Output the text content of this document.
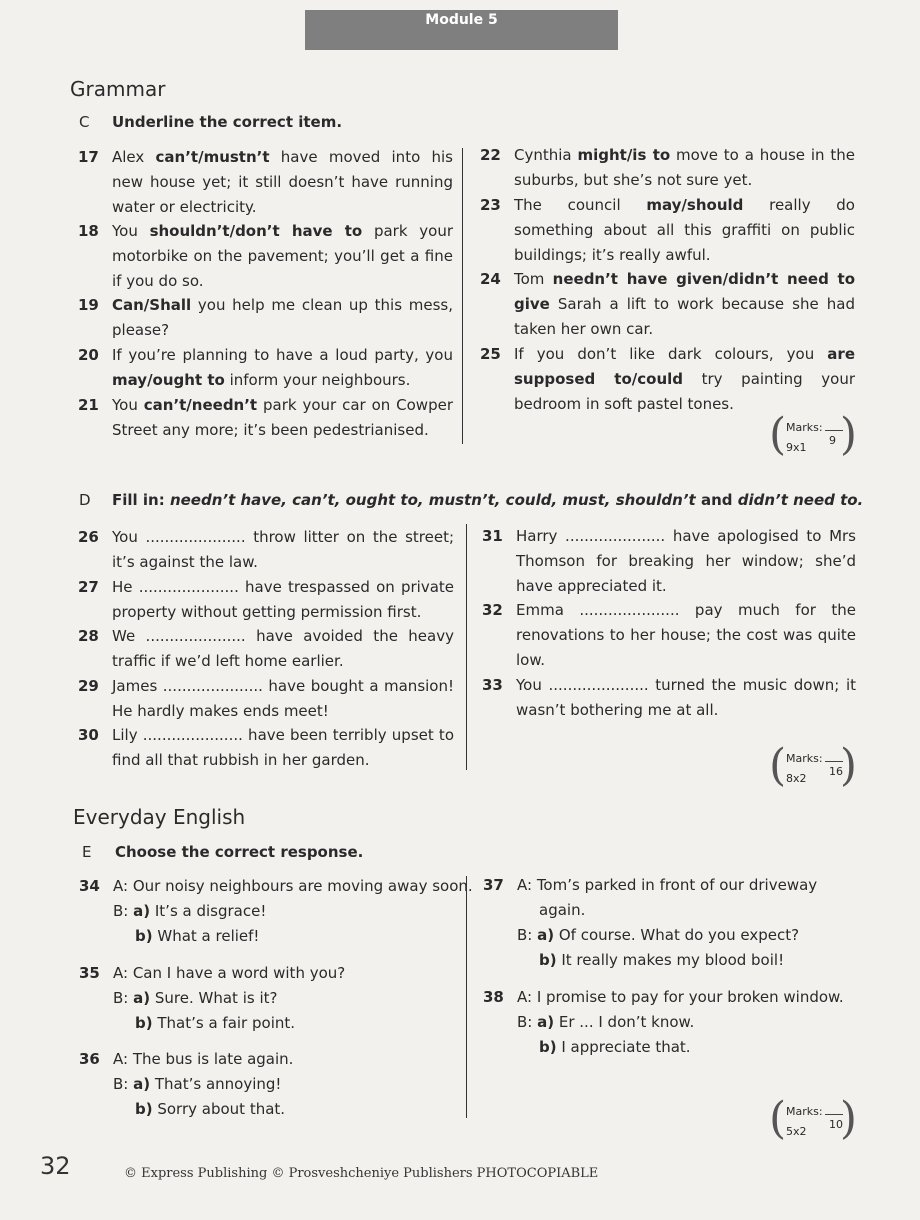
Module 5
Grammar
C Underline the correct item.
17 Alex can’t/mustn’t have moved into his new house yet; it still doesn’t have running water or electricity.
18 You shouldn’t/don’t have to park your motorbike on the pavement; you’ll get a fine if you do so.
19 Can/Shall you help me clean up this mess, please?
20 If you’re planning to have a loud party, you may/ought to inform your neighbours.
21 You can’t/needn’t park your car on Cowper Street any more; it’s been pedestrianised.
22 Cynthia might/is to move to a house in the suburbs, but she’s not sure yet.
23 The council may/should really do something about all this graffiti on public buildings; it’s really awful.
24 Tom needn’t have given/didn’t need to give Sarah a lift to work because she had taken her own car.
25 If you don’t like dark colours, you are supposed to/could try painting your bedroom in soft pastel tones.
( )
Marks:
9x1
9
D Fill in: needn’t have, can’t, ought to, mustn’t, could, must, shouldn’t and didn’t need to.
26 You ..................... throw litter on the street; it’s against the law.
27 He ..................... have trespassed on private property without getting permission first.
28 We ..................... have avoided the heavy traffic if we’d left home earlier.
29 James ..................... have bought a mansion! He hardly makes ends meet!
30 Lily ..................... have been terribly upset to find all that rubbish in her garden.
31 Harry ..................... have apologised to Mrs Thomson for breaking her window; she’d have appreciated it.
32 Emma ..................... pay much for the renovations to her house; the cost was quite low.
33 You ..................... turned the music down; it wasn’t bothering me at all.
( )
Marks:
8x2
16
Everyday English
E Choose the correct response.
34 A: Our noisy neighbours are moving away soon.
B: a) It’s a disgrace!
b) What a relief!
35 A: Can I have a word with you?
B: a) Sure. What is it?
b) That’s a fair point.
36 A: The bus is late again.
B: a) That’s annoying!
b) Sorry about that.
37 A: Tom’s parked in front of our driveway
again.
B: a) Of course. What do you expect?
b) It really makes my blood boil!
38 A: I promise to pay for your broken window.
B: a) Er ... I don’t know.
b) I appreciate that.
( )
Marks:
5x2
10
32	© Express Publishing © Prosveshcheniye Publishers PHOTOCOPIABLE
